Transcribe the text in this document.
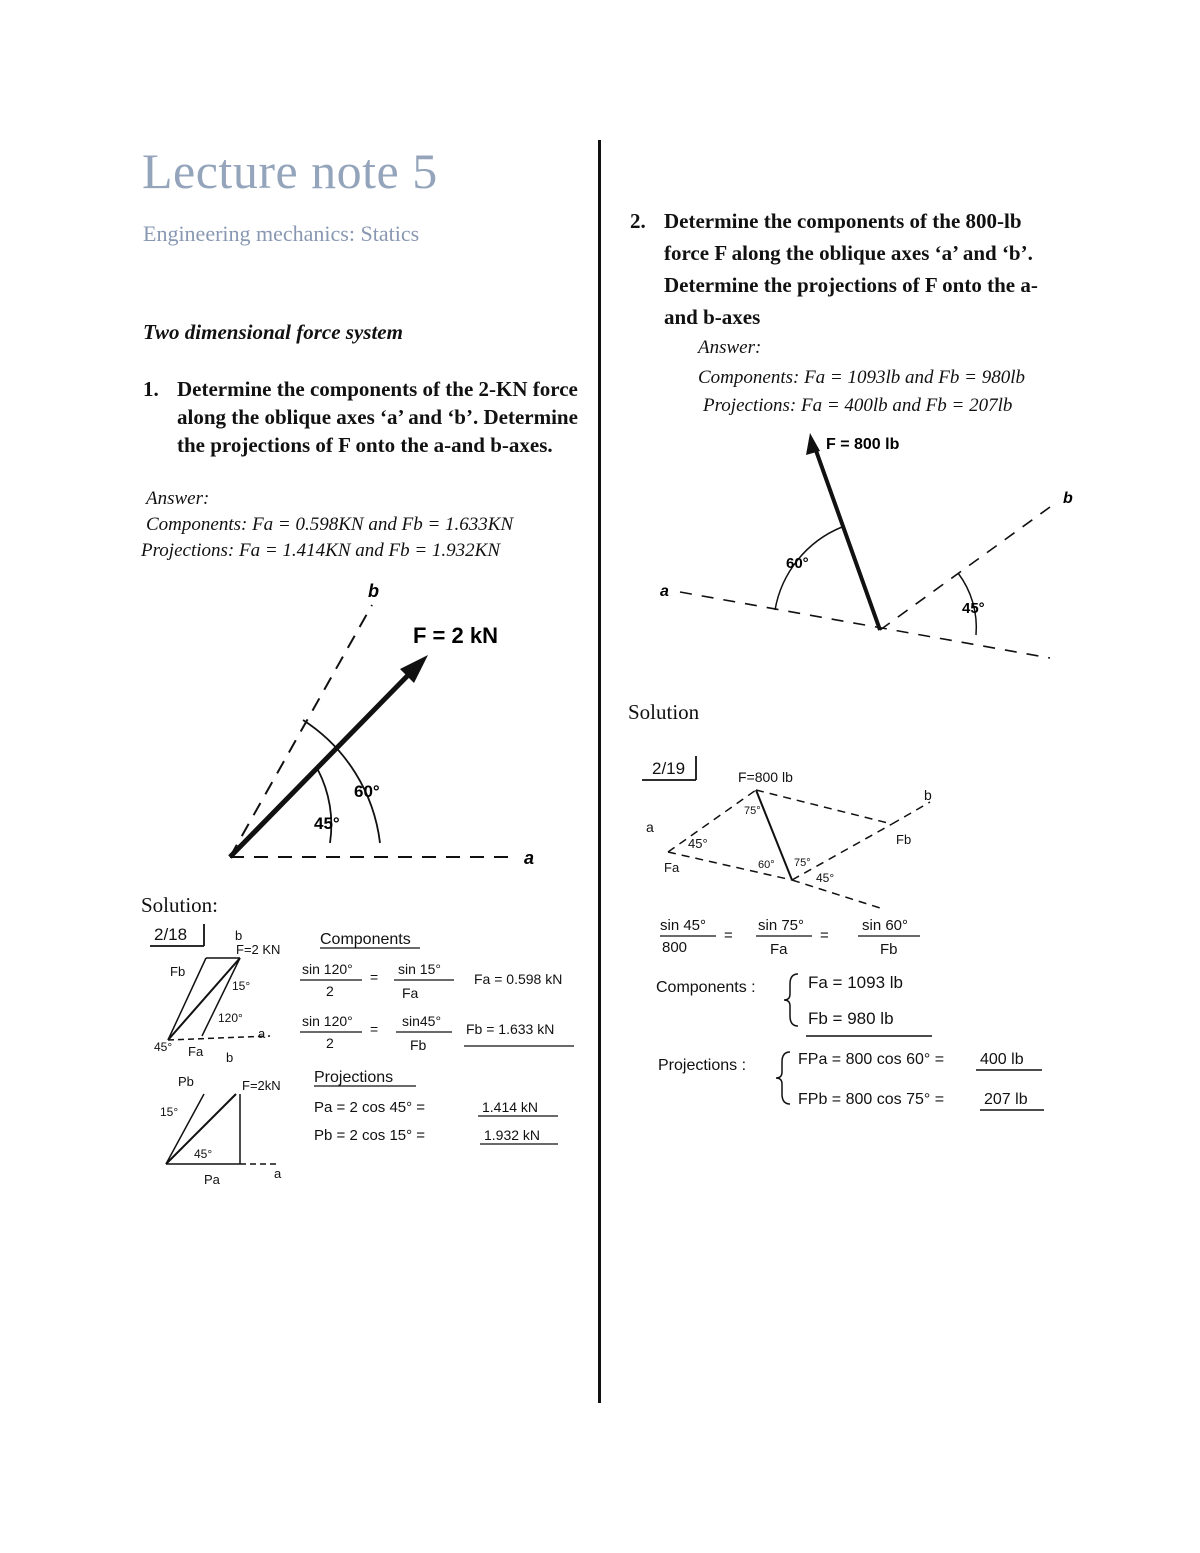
Lecture note 5
Engineering mechanics: Statics
Two dimensional force system
1. Determine the components of the 2-KN force along the oblique axes ‘a’ and ‘b’. Determine the projections of F onto the a-and b-axes.
Answer:
Components: Fa = 0.598KN and Fb = 1.633KN
Projections: Fa = 1.414KN and Fb = 1.932KN
F = 2 kN
b
a
60°
45°
Solution:
2/18	b
F=2 KN
Fb
15°
120°
a
45° Fa
Components
sin 120°
2
= sin 15°
Fa
Fa = 0.598 kN
sin 120°
2
= sin45°
Fb
Fb = 1.633 kN
b
Pb	F=2kN
15°
45°
Pa	a
Projections
Pa = 2 cos 45° =	1.414 kN
Pb = 2 cos 15° =	1.932 kN
2. Determine the components of the 800-lb force F along the oblique axes ‘a’ and ‘b’. Determine the projections of F onto the a-and b-axes
Answer:
Components: Fa = 1093lb and Fb = 980lb
Projections: Fa = 400lb and Fb = 207lb
F = 800 lb
b
a
60°
45°
Solution
2/19	F=800 lb
b
a
75°
45°
Fa	60° 75°
45°
Fb
sin 45°
800
=
sin 75°
Fa
=
sin 60°
Fb
Components :	Fa = 1093 lb
Fb = 980 lb
Projections :	FPa = 800 cos 60° = 400 lb
FPb = 800 cos 75° = 207 lb
